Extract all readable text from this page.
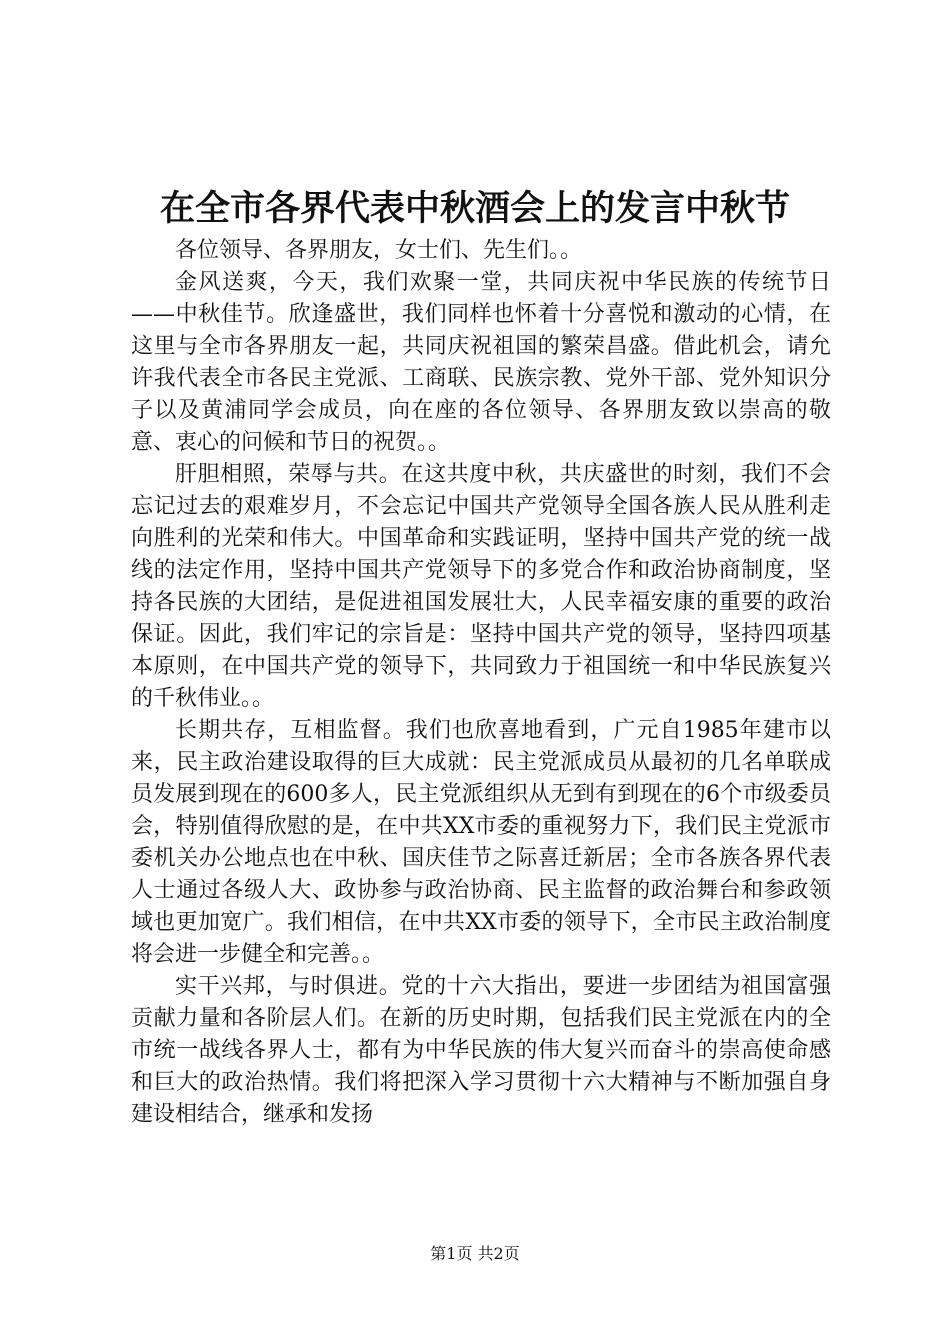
在全市各界代表中秋酒会上的发言中秋节

各位领导、各界朋友，女士们、先生们。。

金风送爽，今天，我们欢聚一堂，共同庆祝中华民族的传统节日——中秋佳节。欣逢盛世，我们同样也怀着十分喜悦和激动的心情，在这里与全市各界朋友一起，共同庆祝祖国的繁荣昌盛。借此机会，请允许我代表全市各民主党派、工商联、民族宗教、党外干部、党外知识分子以及黄浦同学会成员，向在座的各位领导、各界朋友致以崇高的敬意、衷心的问候和节日的祝贺。。

肝胆相照，荣辱与共。在这共度中秋，共庆盛世的时刻，我们不会忘记过去的艰难岁月，不会忘记中国共产党领导全国各族人民从胜利走向胜利的光荣和伟大。中国革命和实践证明，坚持中国共产党的统一战线的法定作用，坚持中国共产党领导下的多党合作和政治协商制度，坚持各民族的大团结，是促进祖国发展壮大，人民幸福安康的重要的政治保证。因此，我们牢记的宗旨是：坚持中国共产党的领导，坚持四项基本原则，在中国共产党的领导下，共同致力于祖国统一和中华民族复兴的千秋伟业。。

长期共存，互相监督。我们也欣喜地看到，广元自1985年建市以来，民主政治建设取得的巨大成就：民主党派成员从最初的几名单联成员发展到现在的600多人，民主党派组织从无到有到现在的6个市级委员会，特别值得欣慰的是，在中共XX市委的重视努力下，我们民主党派市委机关办公地点也在中秋、国庆佳节之际喜迁新居；全市各族各界代表人士通过各级人大、政协参与政治协商、民主监督的政治舞台和参政领域也更加宽广。我们相信，在中共XX市委的领导下，全市民主政治制度将会进一步健全和完善。。

实干兴邦，与时俱进。党的十六大指出，要进一步团结为祖国富强贡献力量和各阶层人们。在新的历史时期，包括我们民主党派在内的全市统一战线各界人士，都有为中华民族的伟大复兴而奋斗的崇高使命感和巨大的政治热情。我们将把深入学习贯彻十六大精神与不断加强自身建设相结合，继承和发扬

第1页 共2页
